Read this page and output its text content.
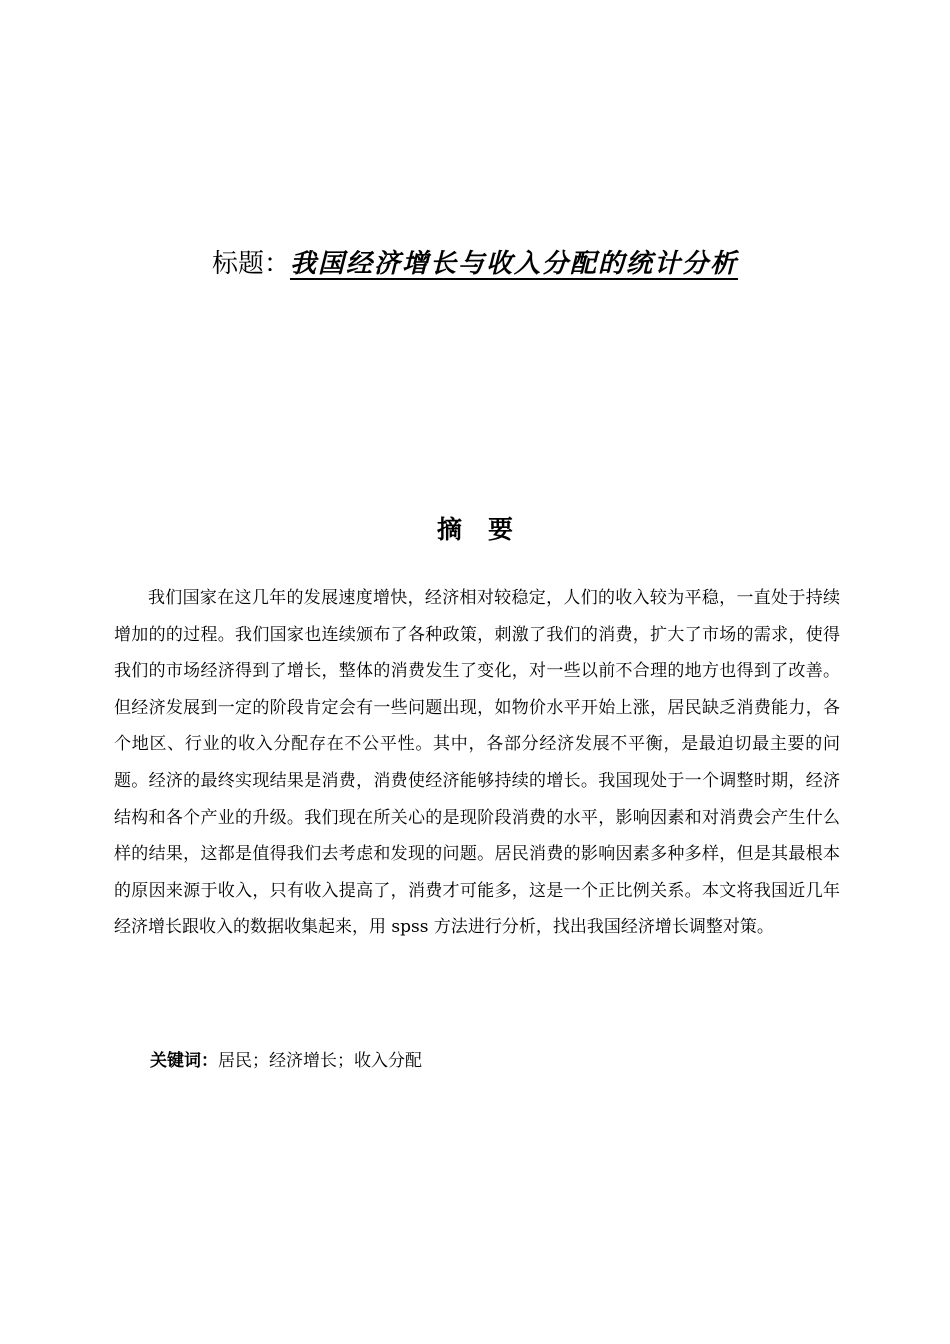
标题：我国经济增长与收入分配的统计分析
摘要

我们国家在这几年的发展速度增快，经济相对较稳定，人们的收入较为平稳，一直处于持续增加的的过程。我们国家也连续颁布了各种政策，刺激了我们的消费，扩大了市场的需求，使得我们的市场经济得到了增长，整体的消费发生了变化，对一些以前不合理的地方也得到了改善。但经济发展到一定的阶段肯定会有一些问题出现，如物价水平开始上涨，居民缺乏消费能力，各个地区、行业的收入分配存在不公平性。其中，各部分经济发展不平衡，是最迫切最主要的问题。经济的最终实现结果是消费，消费使经济能够持续的增长。我国现处于一个调整时期，经济结构和各个产业的升级。我们现在所关心的是现阶段消费的水平，影响因素和对消费会产生什么样的结果，这都是值得我们去考虑和发现的问题。居民消费的影响因素多种多样，但是其最根本的原因来源于收入，只有收入提高了，消费才可能多，这是一个正比例关系。本文将我国近几年经济增长跟收入的数据收集起来，用 spss 方法进行分析，找出我国经济增长调整对策。

关键词：居民；经济增长；收入分配
